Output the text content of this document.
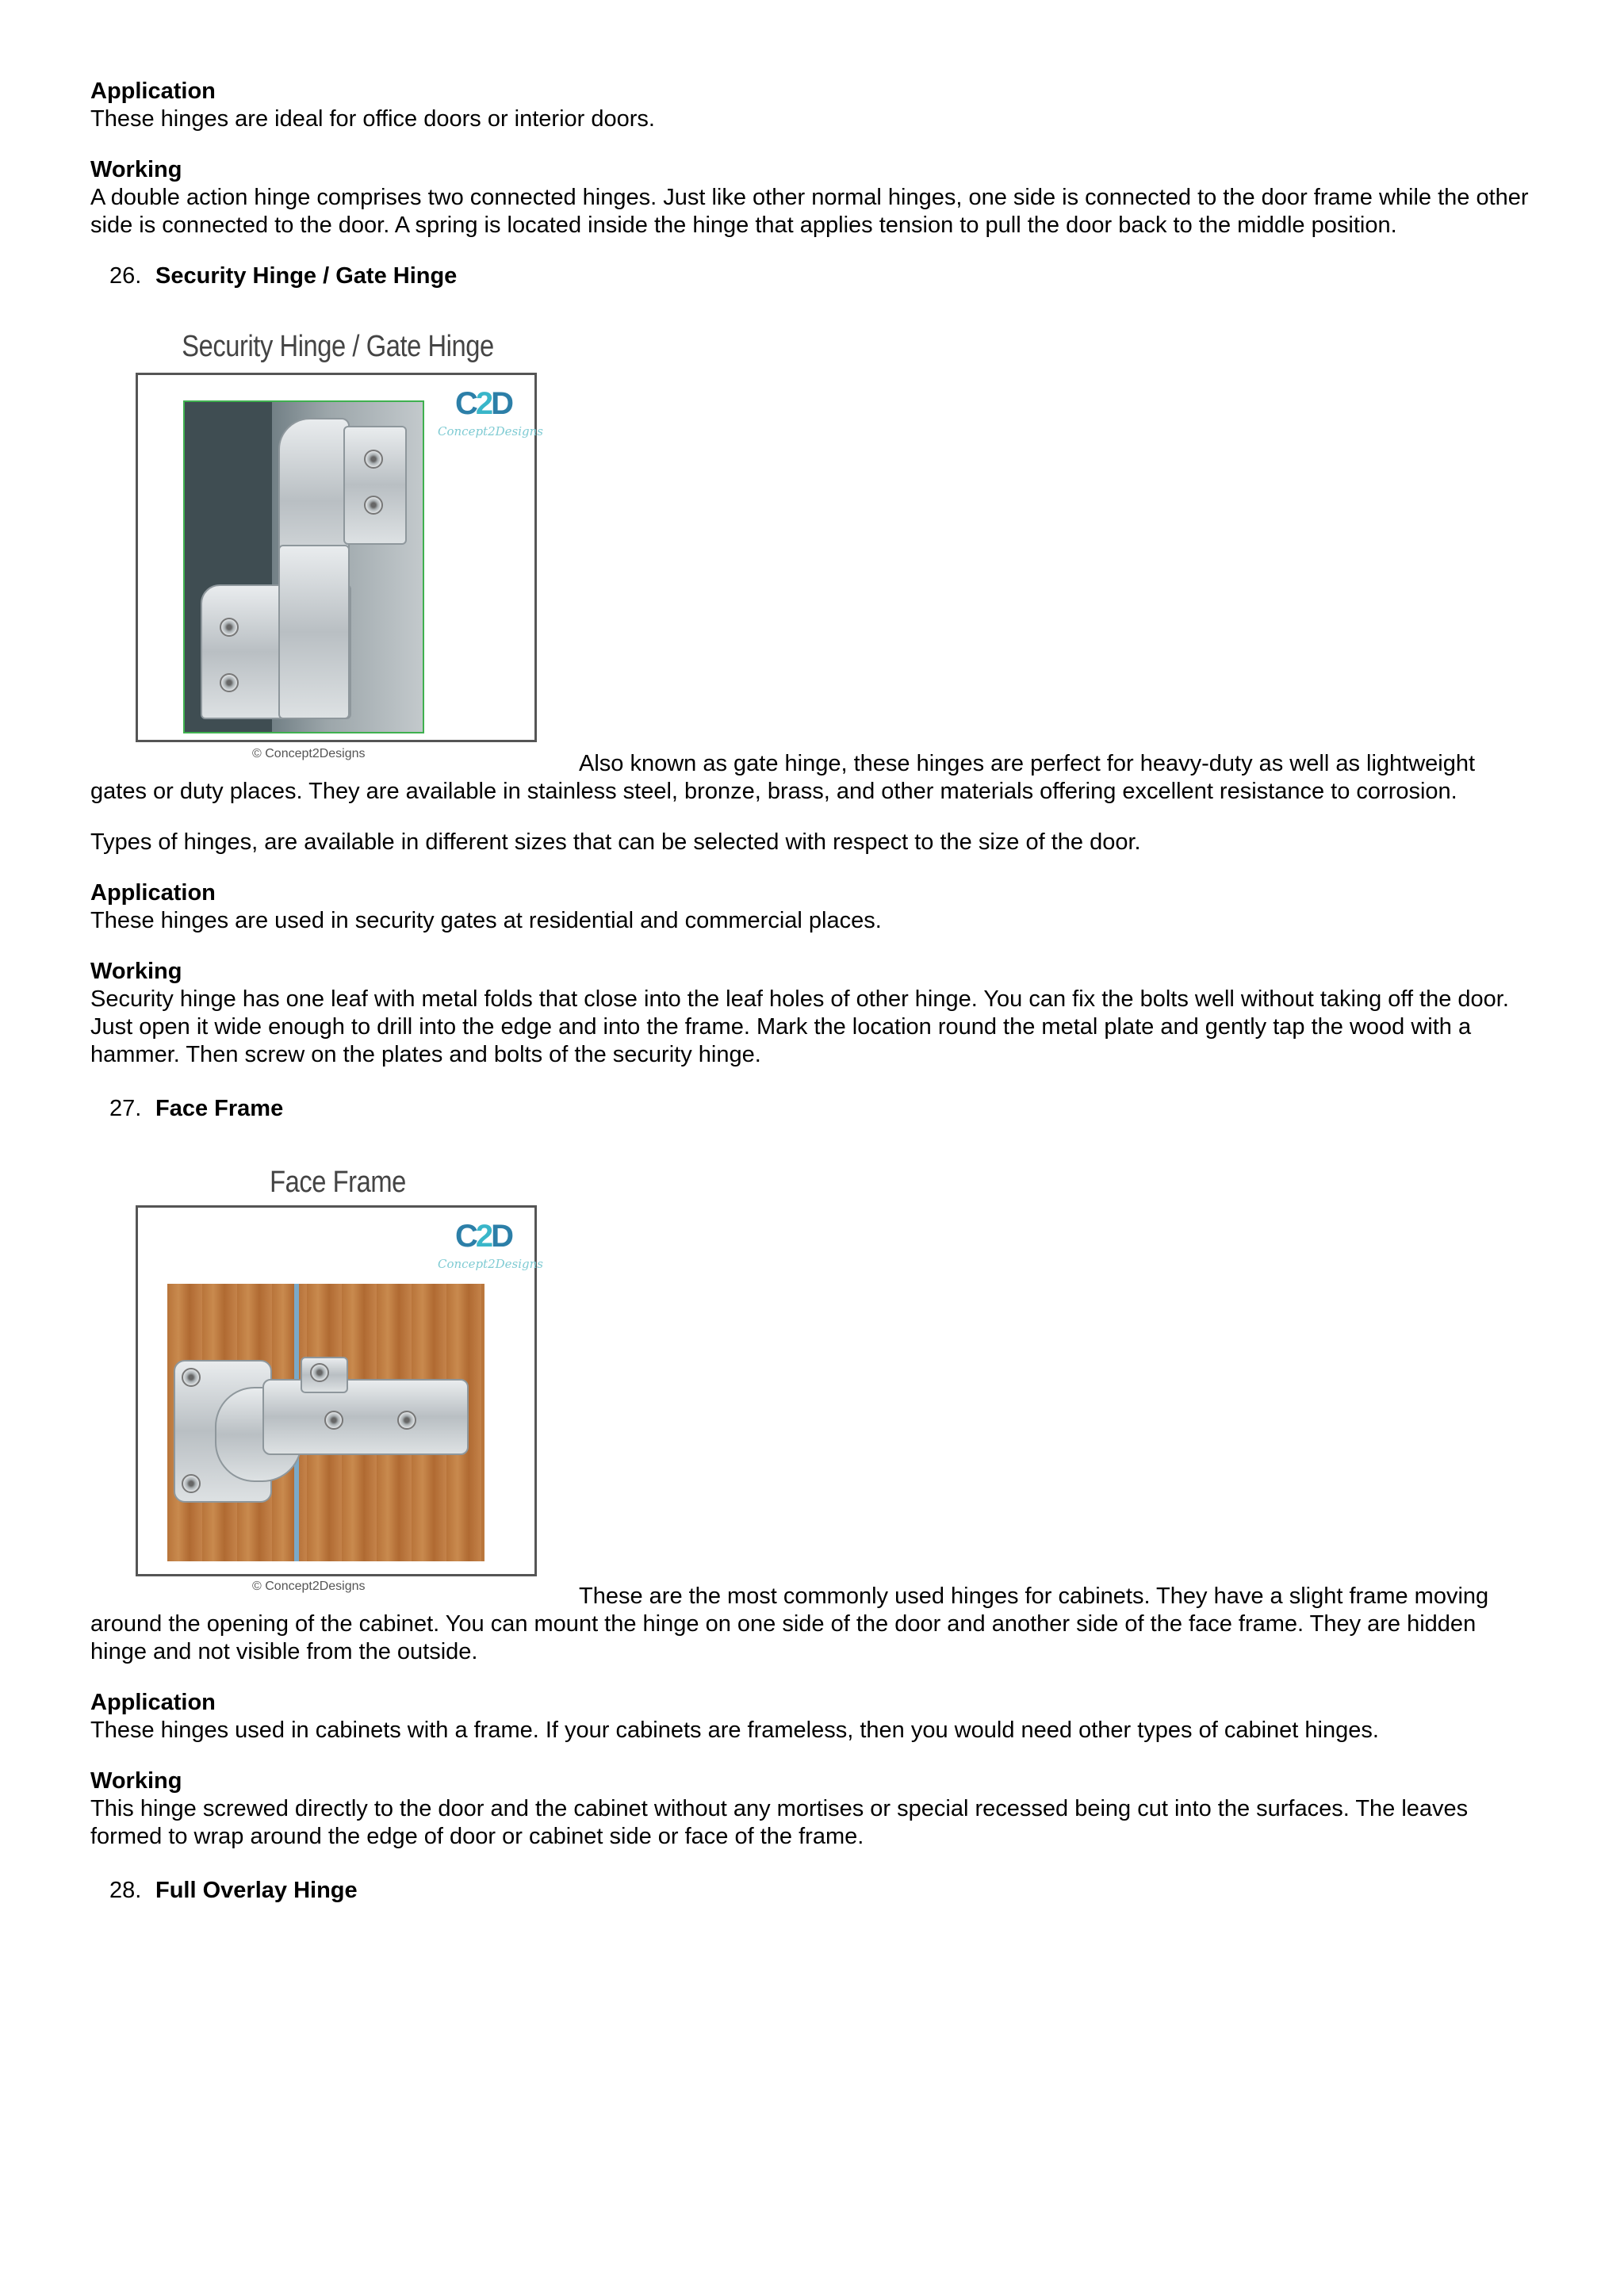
Application

These hinges are ideal for office doors or interior doors.

Working

A double action hinge comprises two connected hinges. Just like other normal hinges, one side is connected to the door frame while the other side is connected to the door. A spring is located inside the hinge that applies tension to pull the door back to the middle position.

26. Security Hinge / Gate Hinge
Security Hinge / Gate Hinge
C2D
Concept2Designs
© Concept2Designs	Also known as gate hinge, these hinges are perfect for heavy-duty as well as lightweight

gates or duty places. They are available in stainless steel, bronze, brass, and other materials offering excellent resistance to corrosion.

Types of hinges, are available in different sizes that can be selected with respect to the size of the door.

Application

These hinges are used in security gates at residential and commercial places.

Working

Security hinge has one leaf with metal folds that close into the leaf holes of other hinge. You can fix the bolts well without taking off the door. Just open it wide enough to drill into the edge and into the frame. Mark the location round the metal plate and gently tap the wood with a hammer. Then screw on the plates and bolts of the security hinge.

27. Face Frame
Face Frame
C2D
Concept2Designs
© Concept2Designs	These are the most commonly used hinges for cabinets. They have a slight frame moving

around the opening of the cabinet. You can mount the hinge on one side of the door and another side of the face frame. They are hidden hinge and not visible from the outside.

Application

These hinges used in cabinets with a frame. If your cabinets are frameless, then you would need other types of cabinet hinges.

Working

This hinge screwed directly to the door and the cabinet without any mortises or special recessed being cut into the surfaces. The leaves formed to wrap around the edge of door or cabinet side or face of the frame.

28. Full Overlay Hinge
